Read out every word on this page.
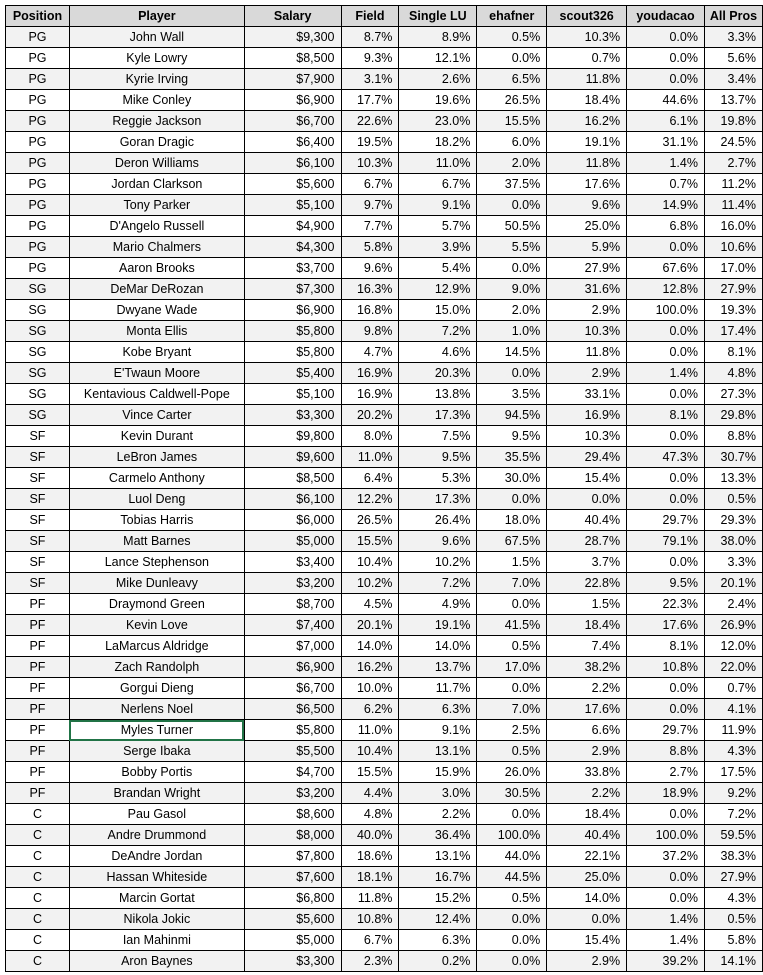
Position	Player	Salary	Field	Single LU	ehafner	scout326	youdacao	All Pros
PG	John Wall	$9,300	8.7%	8.9%	0.5%	10.3%	0.0%	3.3%
PG	Kyle Lowry	$8,500	9.3%	12.1%	0.0%	0.7%	0.0%	5.6%
PG	Kyrie Irving	$7,900	3.1%	2.6%	6.5%	11.8%	0.0%	3.4%
PG	Mike Conley	$6,900	17.7%	19.6%	26.5%	18.4%	44.6%	13.7%
PG	Reggie Jackson	$6,700	22.6%	23.0%	15.5%	16.2%	6.1%	19.8%
PG	Goran Dragic	$6,400	19.5%	18.2%	6.0%	19.1%	31.1%	24.5%
PG	Deron Williams	$6,100	10.3%	11.0%	2.0%	11.8%	1.4%	2.7%
PG	Jordan Clarkson	$5,600	6.7%	6.7%	37.5%	17.6%	0.7%	11.2%
PG	Tony Parker	$5,100	9.7%	9.1%	0.0%	9.6%	14.9%	11.4%
PG	D'Angelo Russell	$4,900	7.7%	5.7%	50.5%	25.0%	6.8%	16.0%
PG	Mario Chalmers	$4,300	5.8%	3.9%	5.5%	5.9%	0.0%	10.6%
PG	Aaron Brooks	$3,700	9.6%	5.4%	0.0%	27.9%	67.6%	17.0%
SG	DeMar DeRozan	$7,300	16.3%	12.9%	9.0%	31.6%	12.8%	27.9%
SG	Dwyane Wade	$6,900	16.8%	15.0%	2.0%	2.9%	100.0%	19.3%
SG	Monta Ellis	$5,800	9.8%	7.2%	1.0%	10.3%	0.0%	17.4%
SG	Kobe Bryant	$5,800	4.7%	4.6%	14.5%	11.8%	0.0%	8.1%
SG	E'Twaun Moore	$5,400	16.9%	20.3%	0.0%	2.9%	1.4%	4.8%
SG	Kentavious Caldwell-Pope	$5,100	16.9%	13.8%	3.5%	33.1%	0.0%	27.3%
SG	Vince Carter	$3,300	20.2%	17.3%	94.5%	16.9%	8.1%	29.8%
SF	Kevin Durant	$9,800	8.0%	7.5%	9.5%	10.3%	0.0%	8.8%
SF	LeBron James	$9,600	11.0%	9.5%	35.5%	29.4%	47.3%	30.7%
SF	Carmelo Anthony	$8,500	6.4%	5.3%	30.0%	15.4%	0.0%	13.3%
SF	Luol Deng	$6,100	12.2%	17.3%	0.0%	0.0%	0.0%	0.5%
SF	Tobias Harris	$6,000	26.5%	26.4%	18.0%	40.4%	29.7%	29.3%
SF	Matt Barnes	$5,000	15.5%	9.6%	67.5%	28.7%	79.1%	38.0%
SF	Lance Stephenson	$3,400	10.4%	10.2%	1.5%	3.7%	0.0%	3.3%
SF	Mike Dunleavy	$3,200	10.2%	7.2%	7.0%	22.8%	9.5%	20.1%
PF	Draymond Green	$8,700	4.5%	4.9%	0.0%	1.5%	22.3%	2.4%
PF	Kevin Love	$7,400	20.1%	19.1%	41.5%	18.4%	17.6%	26.9%
PF	LaMarcus Aldridge	$7,000	14.0%	14.0%	0.5%	7.4%	8.1%	12.0%
PF	Zach Randolph	$6,900	16.2%	13.7%	17.0%	38.2%	10.8%	22.0%
PF	Gorgui Dieng	$6,700	10.0%	11.7%	0.0%	2.2%	0.0%	0.7%
PF	Nerlens Noel	$6,500	6.2%	6.3%	7.0%	17.6%	0.0%	4.1%
PF	Myles Turner	$5,800	11.0%	9.1%	2.5%	6.6%	29.7%	11.9%
PF	Serge Ibaka	$5,500	10.4%	13.1%	0.5%	2.9%	8.8%	4.3%
PF	Bobby Portis	$4,700	15.5%	15.9%	26.0%	33.8%	2.7%	17.5%
PF	Brandan Wright	$3,200	4.4%	3.0%	30.5%	2.2%	18.9%	9.2%
C	Pau Gasol	$8,600	4.8%	2.2%	0.0%	18.4%	0.0%	7.2%
C	Andre Drummond	$8,000	40.0%	36.4%	100.0%	40.4%	100.0%	59.5%
C	DeAndre Jordan	$7,800	18.6%	13.1%	44.0%	22.1%	37.2%	38.3%
C	Hassan Whiteside	$7,600	18.1%	16.7%	44.5%	25.0%	0.0%	27.9%
C	Marcin Gortat	$6,800	11.8%	15.2%	0.5%	14.0%	0.0%	4.3%
C	Nikola Jokic	$5,600	10.8%	12.4%	0.0%	0.0%	1.4%	0.5%
C	Ian Mahinmi	$5,000	6.7%	6.3%	0.0%	15.4%	1.4%	5.8%
C	Aron Baynes	$3,300	2.3%	0.2%	0.0%	2.9%	39.2%	14.1%
